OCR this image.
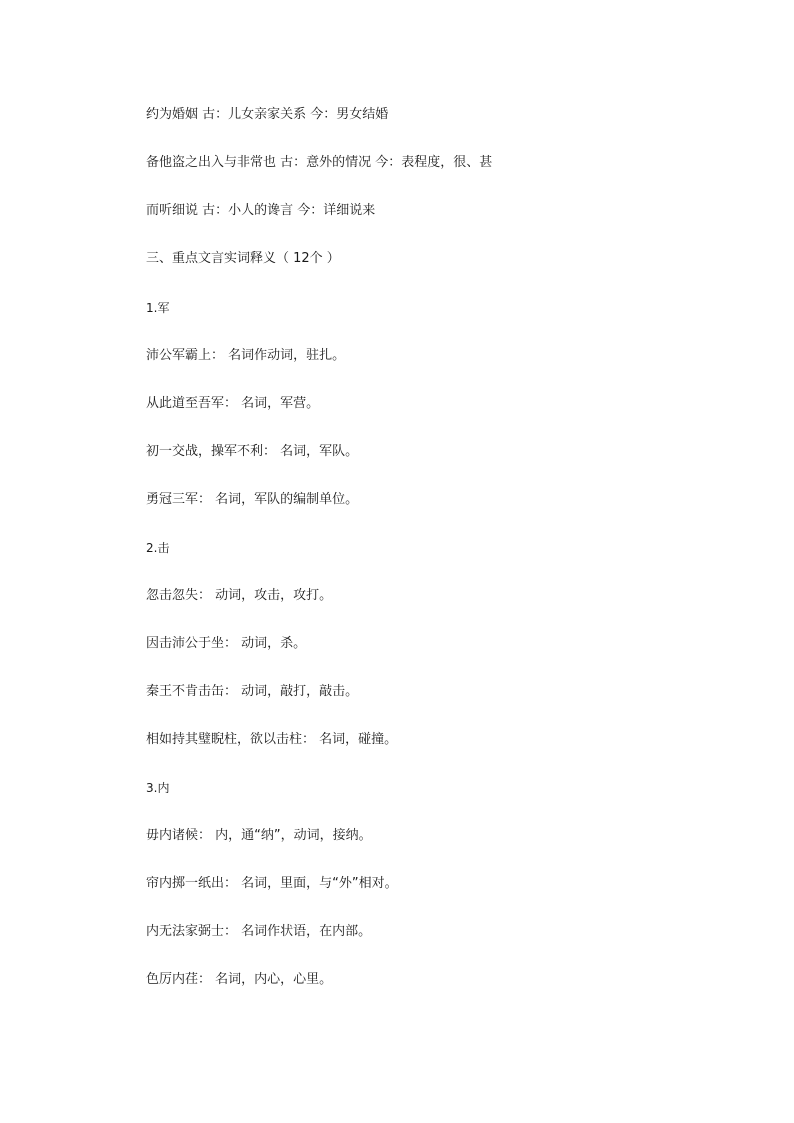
约为婚姻 古：儿女亲家关系 今：男女结婚
备他盗之出入与非常也 古：意外的情况 今：表程度，很、甚
而听细说 古：小人的谗言 今：详细说来
三、重点文言实词释义（ 12个 ）
1.军
沛公军霸上： 名词作动词，驻扎。
从此道至吾军： 名词，军营。
初一交战，操军不利： 名词，军队。
勇冠三军： 名词，军队的编制单位。
2.击
忽击忽失： 动词，攻击，攻打。
因击沛公于坐： 动词，杀。
秦王不肯击缶： 动词，敲打，敲击。
相如持其璧睨柱，欲以击柱： 名词，碰撞。
3.内
毋内诸候： 内，通“纳”，动词，接纳。
帘内掷一纸出： 名词，里面，与“外”相对。
内无法家弼士： 名词作状语，在内部。
色厉内荏： 名词，内心，心里。
